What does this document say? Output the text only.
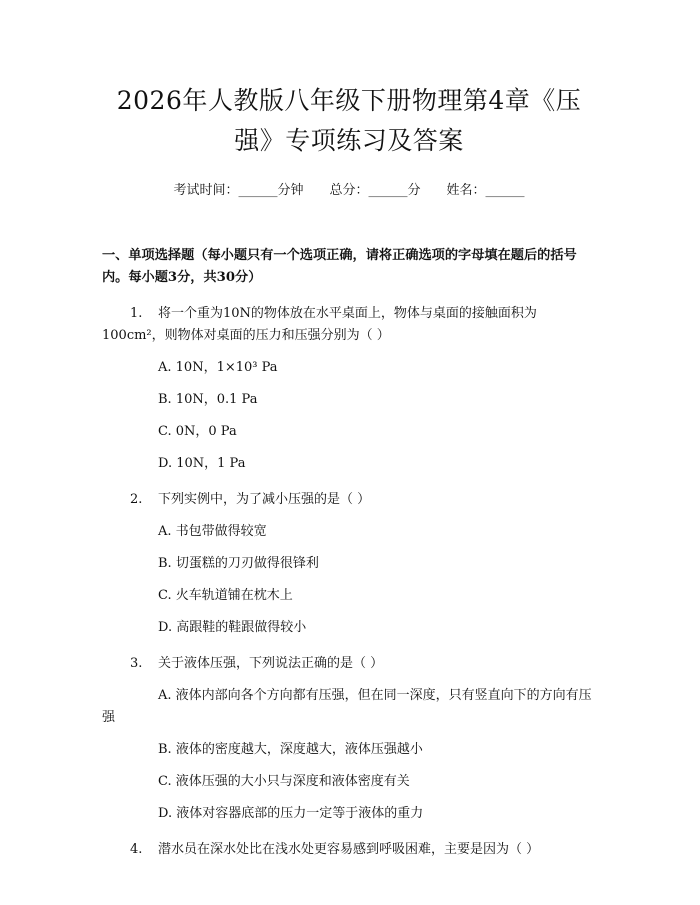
2026年人教版八年级下册物理第4章《压强》专项练习及答案
考试时间：______分钟 总分：______分 姓名：______
一、单项选择题（每小题只有一个选项正确，请将正确选项的字母填在题后的括号内。每小题3分，共30分）
1. 将一个重为10N的物体放在水平桌面上，物体与桌面的接触面积为100cm²，则物体对桌面的压力和压强分别为（ ）
A. 10N，1×10³ Pa
B. 10N，0.1 Pa
C. 0N，0 Pa
D. 10N，1 Pa
2. 下列实例中，为了减小压强的是（ ）
A. 书包带做得较宽
B. 切蛋糕的刀刃做得很锋利
C. 火车轨道铺在枕木上
D. 高跟鞋的鞋跟做得较小
3. 关于液体压强，下列说法正确的是（ ）
A. 液体内部向各个方向都有压强，但在同一深度，只有竖直向下的方向有压强
B. 液体的密度越大，深度越大，液体压强越小
C. 液体压强的大小只与深度和液体密度有关
D. 液体对容器底部的压力一定等于液体的重力
4. 潜水员在深水处比在浅水处更容易感到呼吸困难，主要是因为（ ）
